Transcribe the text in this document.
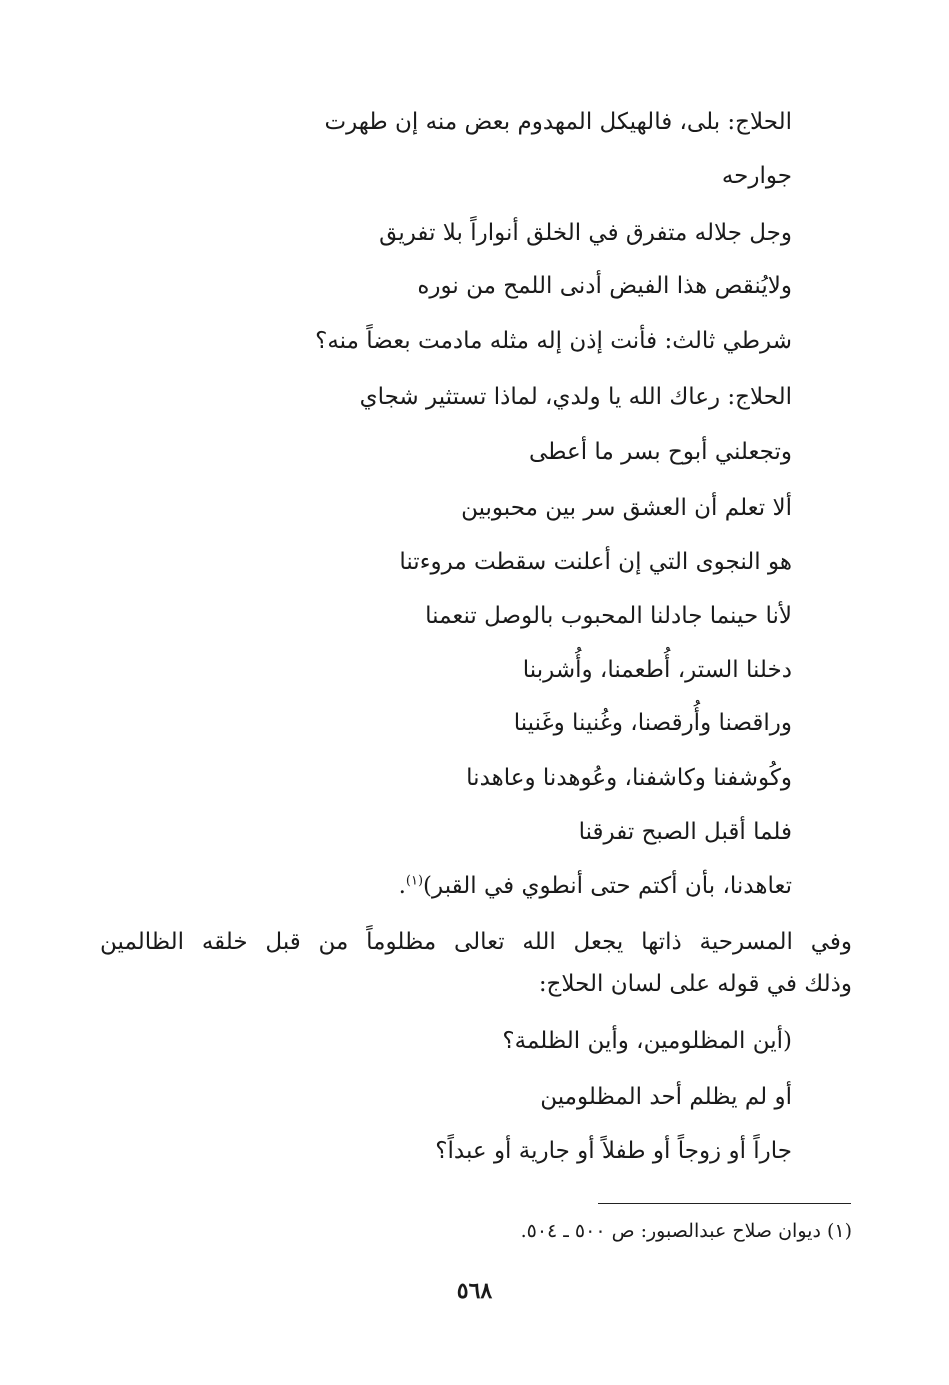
الحلاج: بلى، فالهيكل المهدوم بعض منه إن طهرت
جوارحه
وجل جلاله متفرق في الخلق أنواراً بلا تفريق
ولايُنقص هذا الفيض أدنى اللمح من نوره
شرطي ثالث: فأنت إذن إله مثله مادمت بعضاً منه؟
الحلاج: رعاك الله يا ولدي، لماذا تستثير شجاي
وتجعلني أبوح بسر ما أعطى
ألا تعلم أن العشق سر بين محبوبين
هو النجوى التي إن أعلنت سقطت مروءتنا
لأنا حينما جادلنا المحبوب بالوصل تنعمنا
دخلنا الستر، أُطعمنا، وأُشربنا
وراقصنا وأُرقصنا، وغُنينا وغَنينا
وكُوشفنا وكاشفنا، وعُوهدنا وعاهدنا
فلما أقبل الصبح تفرقنا
تعاهدنا، بأن أكتم حتى أنطوي في القبر)$^{(١)}$.
وفي المسرحية ذاتها يجعل الله تعالى مظلوماً من قبل خلقه الظالمين
وذلك في قوله على لسان الحلاج:
(أين المظلومين، وأين الظلمة؟
أو لم يظلم أحد المظلومين
جاراً أو زوجاً أو طفلاً أو جارية أو عبداً؟
(١) ديوان صلاح عبدالصبور: ص ٥٠٠ ـ ٥٠٤.
٥٦٨
